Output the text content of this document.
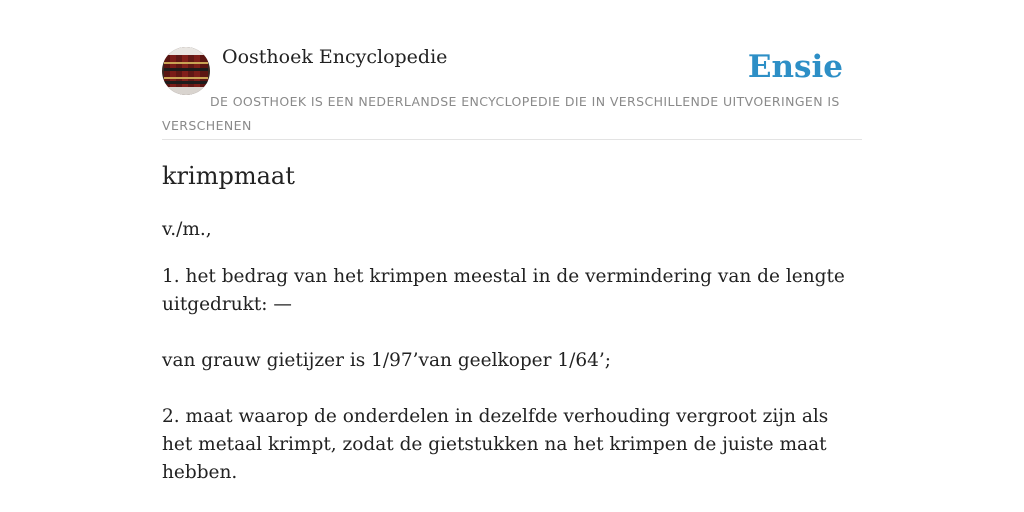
Oosthoek Encyclopedie	Ensie
DE OOSTHOEK IS EEN NEDERLANDSE ENCYCLOPEDIE DIE IN VERSCHILLENDE UITVOERINGEN IS VERSCHENEN
krimpmaat
v./m.,

1. het bedrag van het krimpen meestal in de vermindering van de lengte uitgedrukt: —

van grauw gietijzer is 1/97’van geelkoper 1/64’;

2. maat waarop de onderdelen in dezelfde verhouding vergroot zijn als het metaal krimpt, zodat de gietstukken na het krimpen de juiste maat hebben.
